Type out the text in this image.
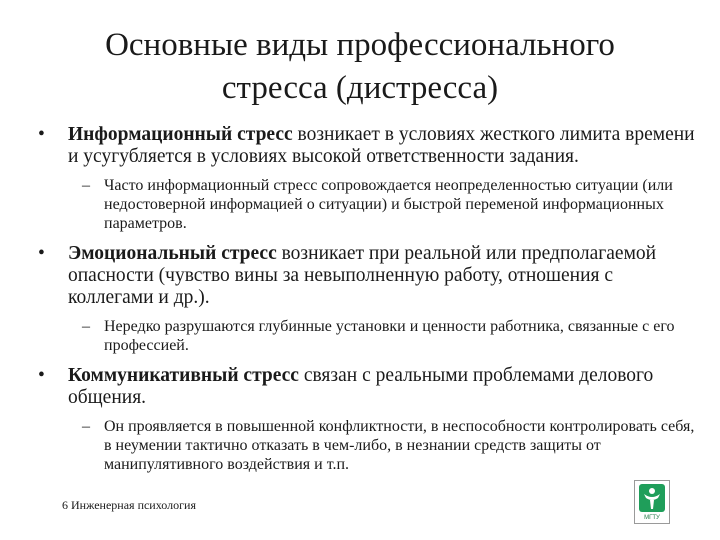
Основные виды профессионального
стресса (дистресса)
• Информационный стресс возникает в условиях жесткого лимита времени и усугубляется в условиях высокой ответственности задания.
– Часто информационный стресс сопровождается неопределенностью ситуации (или недостоверной информацией о ситуации) и быстрой переменой информационных параметров.
• Эмоциональный стресс возникает при реальной или предполагаемой опасности (чувство вины за невыполненную работу, отношения с коллегами и др.).
– Нередко разрушаются глубинные установки и ценности работника, связанные с его профессией.
• Коммуникативный стресс связан с реальными проблемами делового общения.
– Он проявляется в повышенной конфликтности, в неспособности контролировать себя, в неумении тактично отказать в чем-либо, в незнании средств защиты от манипулятивного воздействия и т.п.
6 Инженерная психология
МГТУ
